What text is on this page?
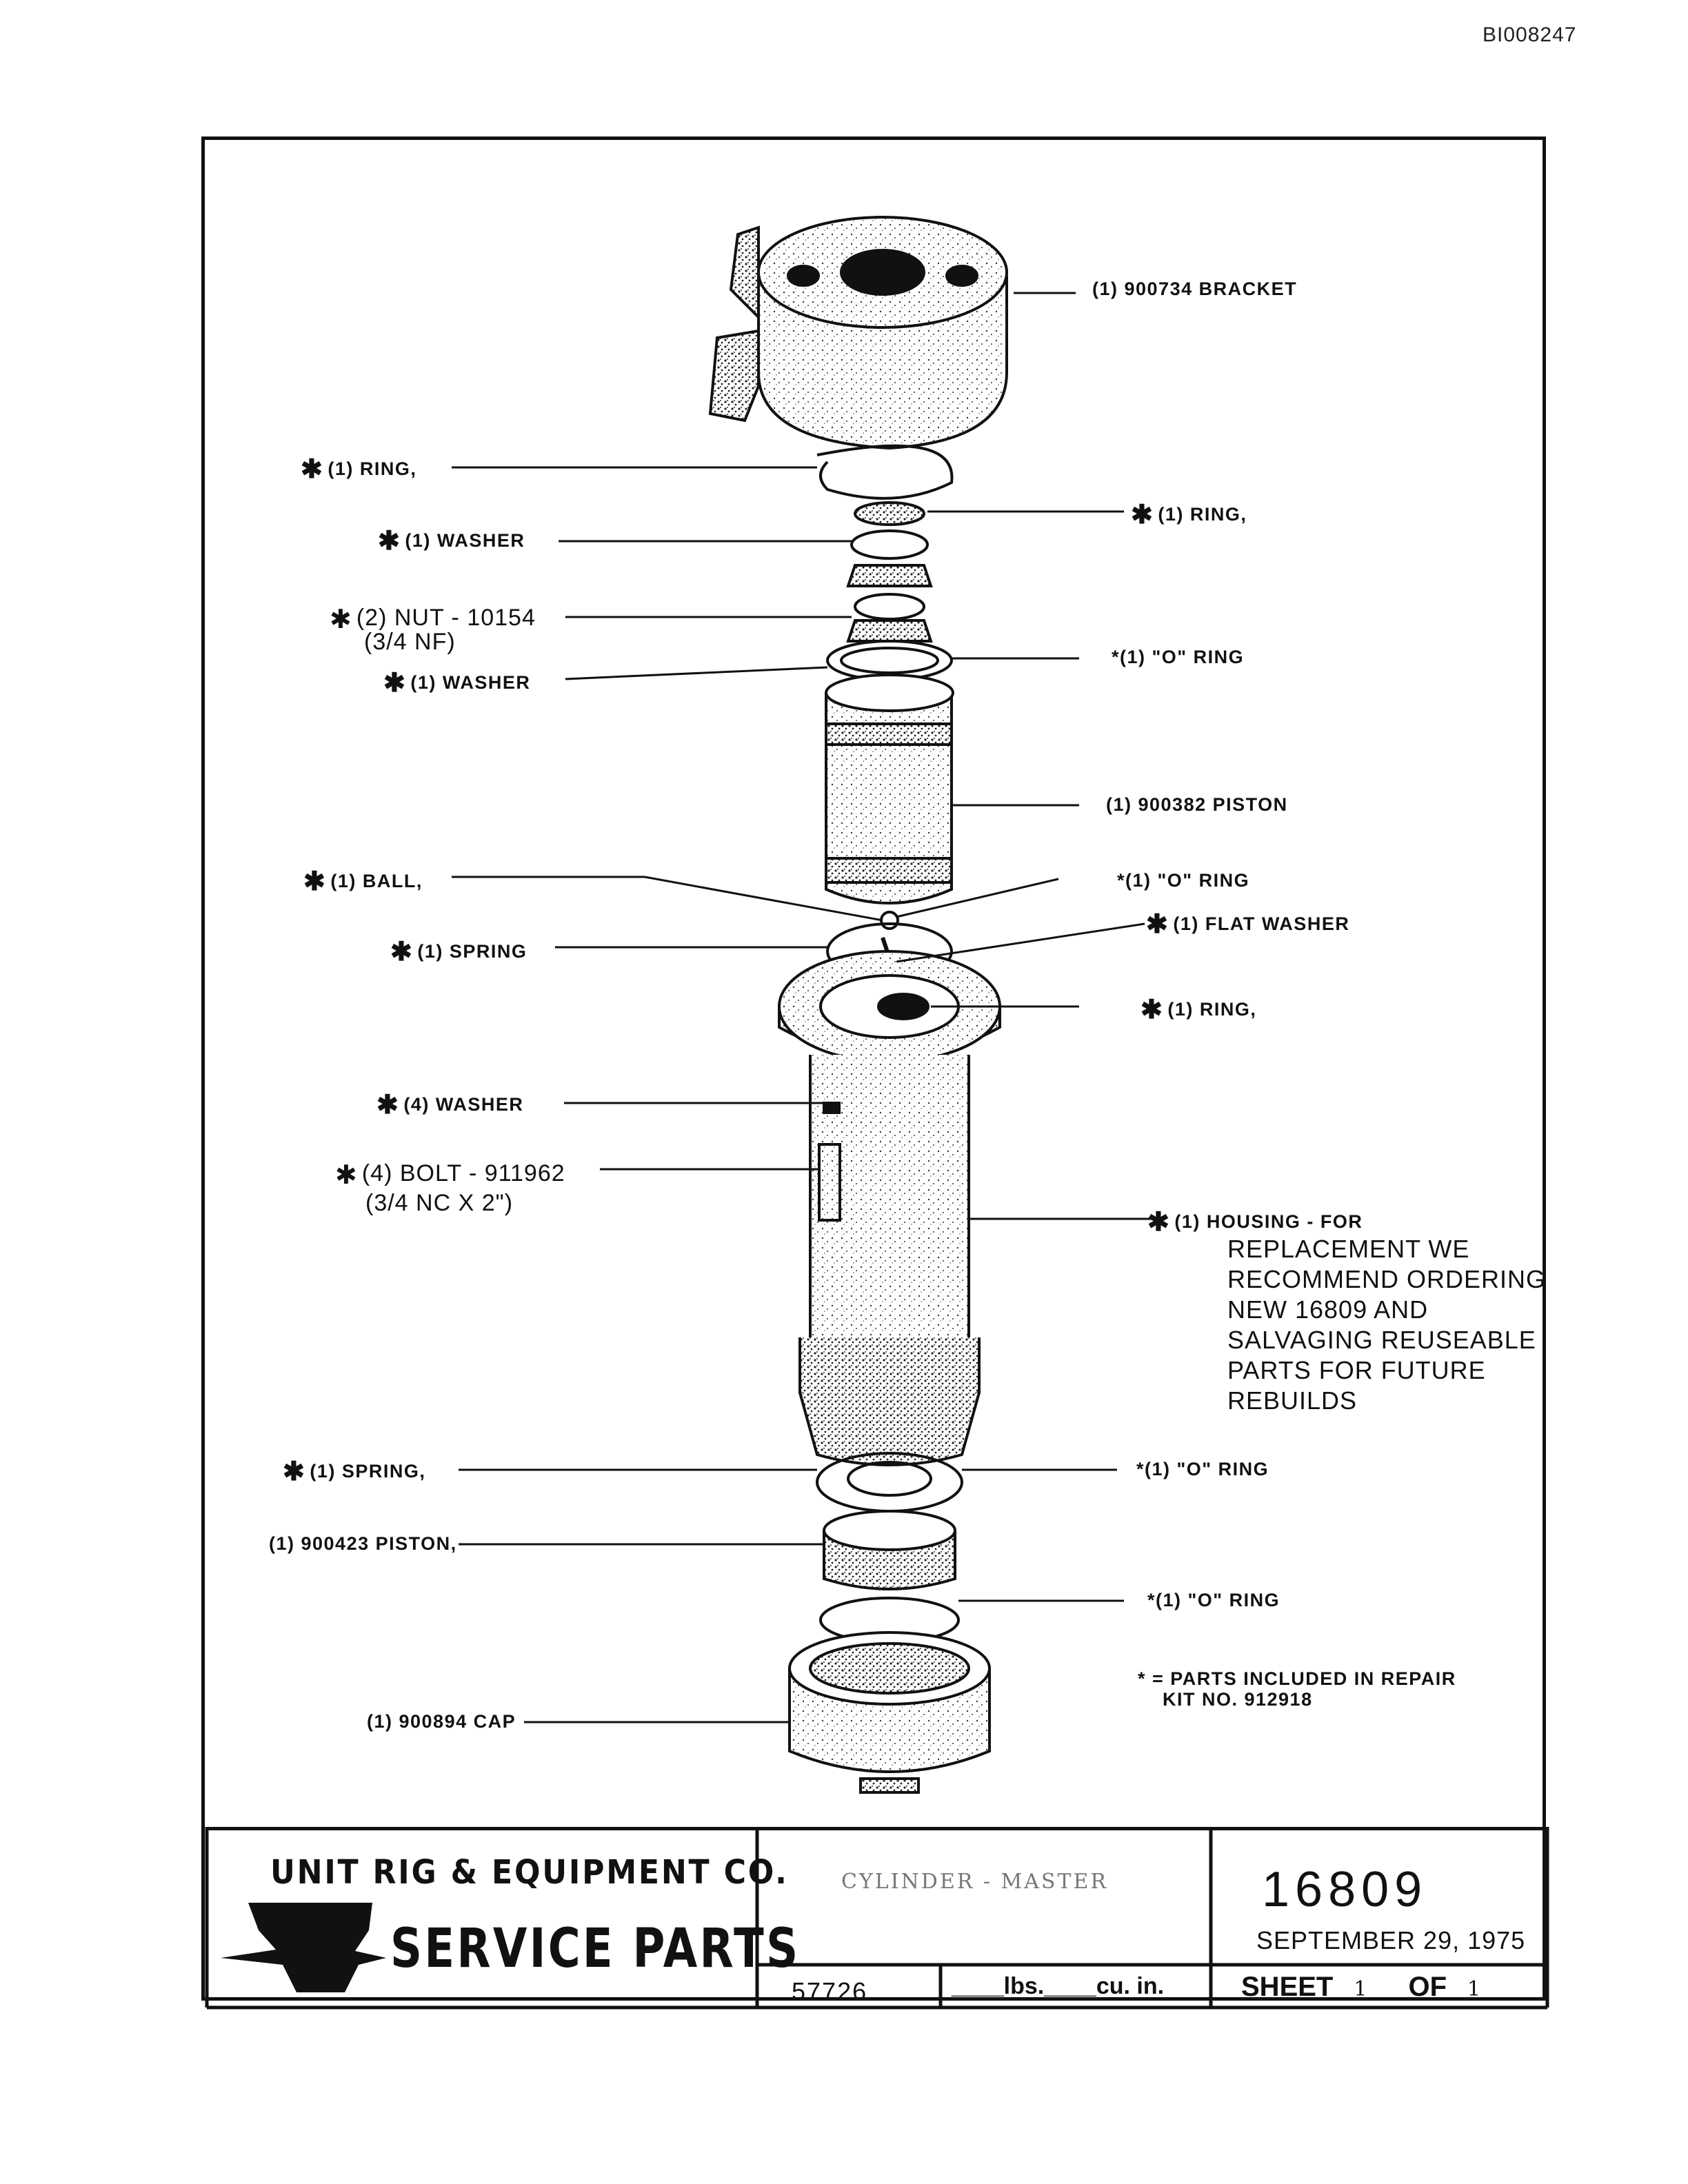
BI008247
(1) 900734 BRACKET
✱ (1) RING,
✱ (1) RING,
✱ (1) WASHER
✱ (2) NUT - 10154
(3/4 NF)
✱ (1) WASHER
*(1) "O" RING
(1) 900382 PISTON
✱ (1) BALL,	*(1) "O" RING
✱ (1) FLAT WASHER
✱ (1) SPRING
✱ (1) RING,
✱ (4) WASHER
✱ (4) BOLT - 911962
(3/4 NC X 2")
✱ (1) HOUSING - FOR
REPLACEMENT WE
RECOMMEND ORDERING
NEW 16809 AND
SALVAGING REUSEABLE
PARTS FOR FUTURE
REBUILDS
✱ (1) SPRING,	*(1) "O" RING
(1) 900423 PISTON,
*(1) "O" RING
(1) 900894 CAP
* = PARTS INCLUDED IN REPAIR
KIT NO. 912918
UNIT RIG & EQUIPMENT CO.
SERVICE PARTS
CYLINDER - MASTER	16809
SEPTEMBER 29, 1975
57726	____lbs.____cu. in.	SHEET 1 OF 1
